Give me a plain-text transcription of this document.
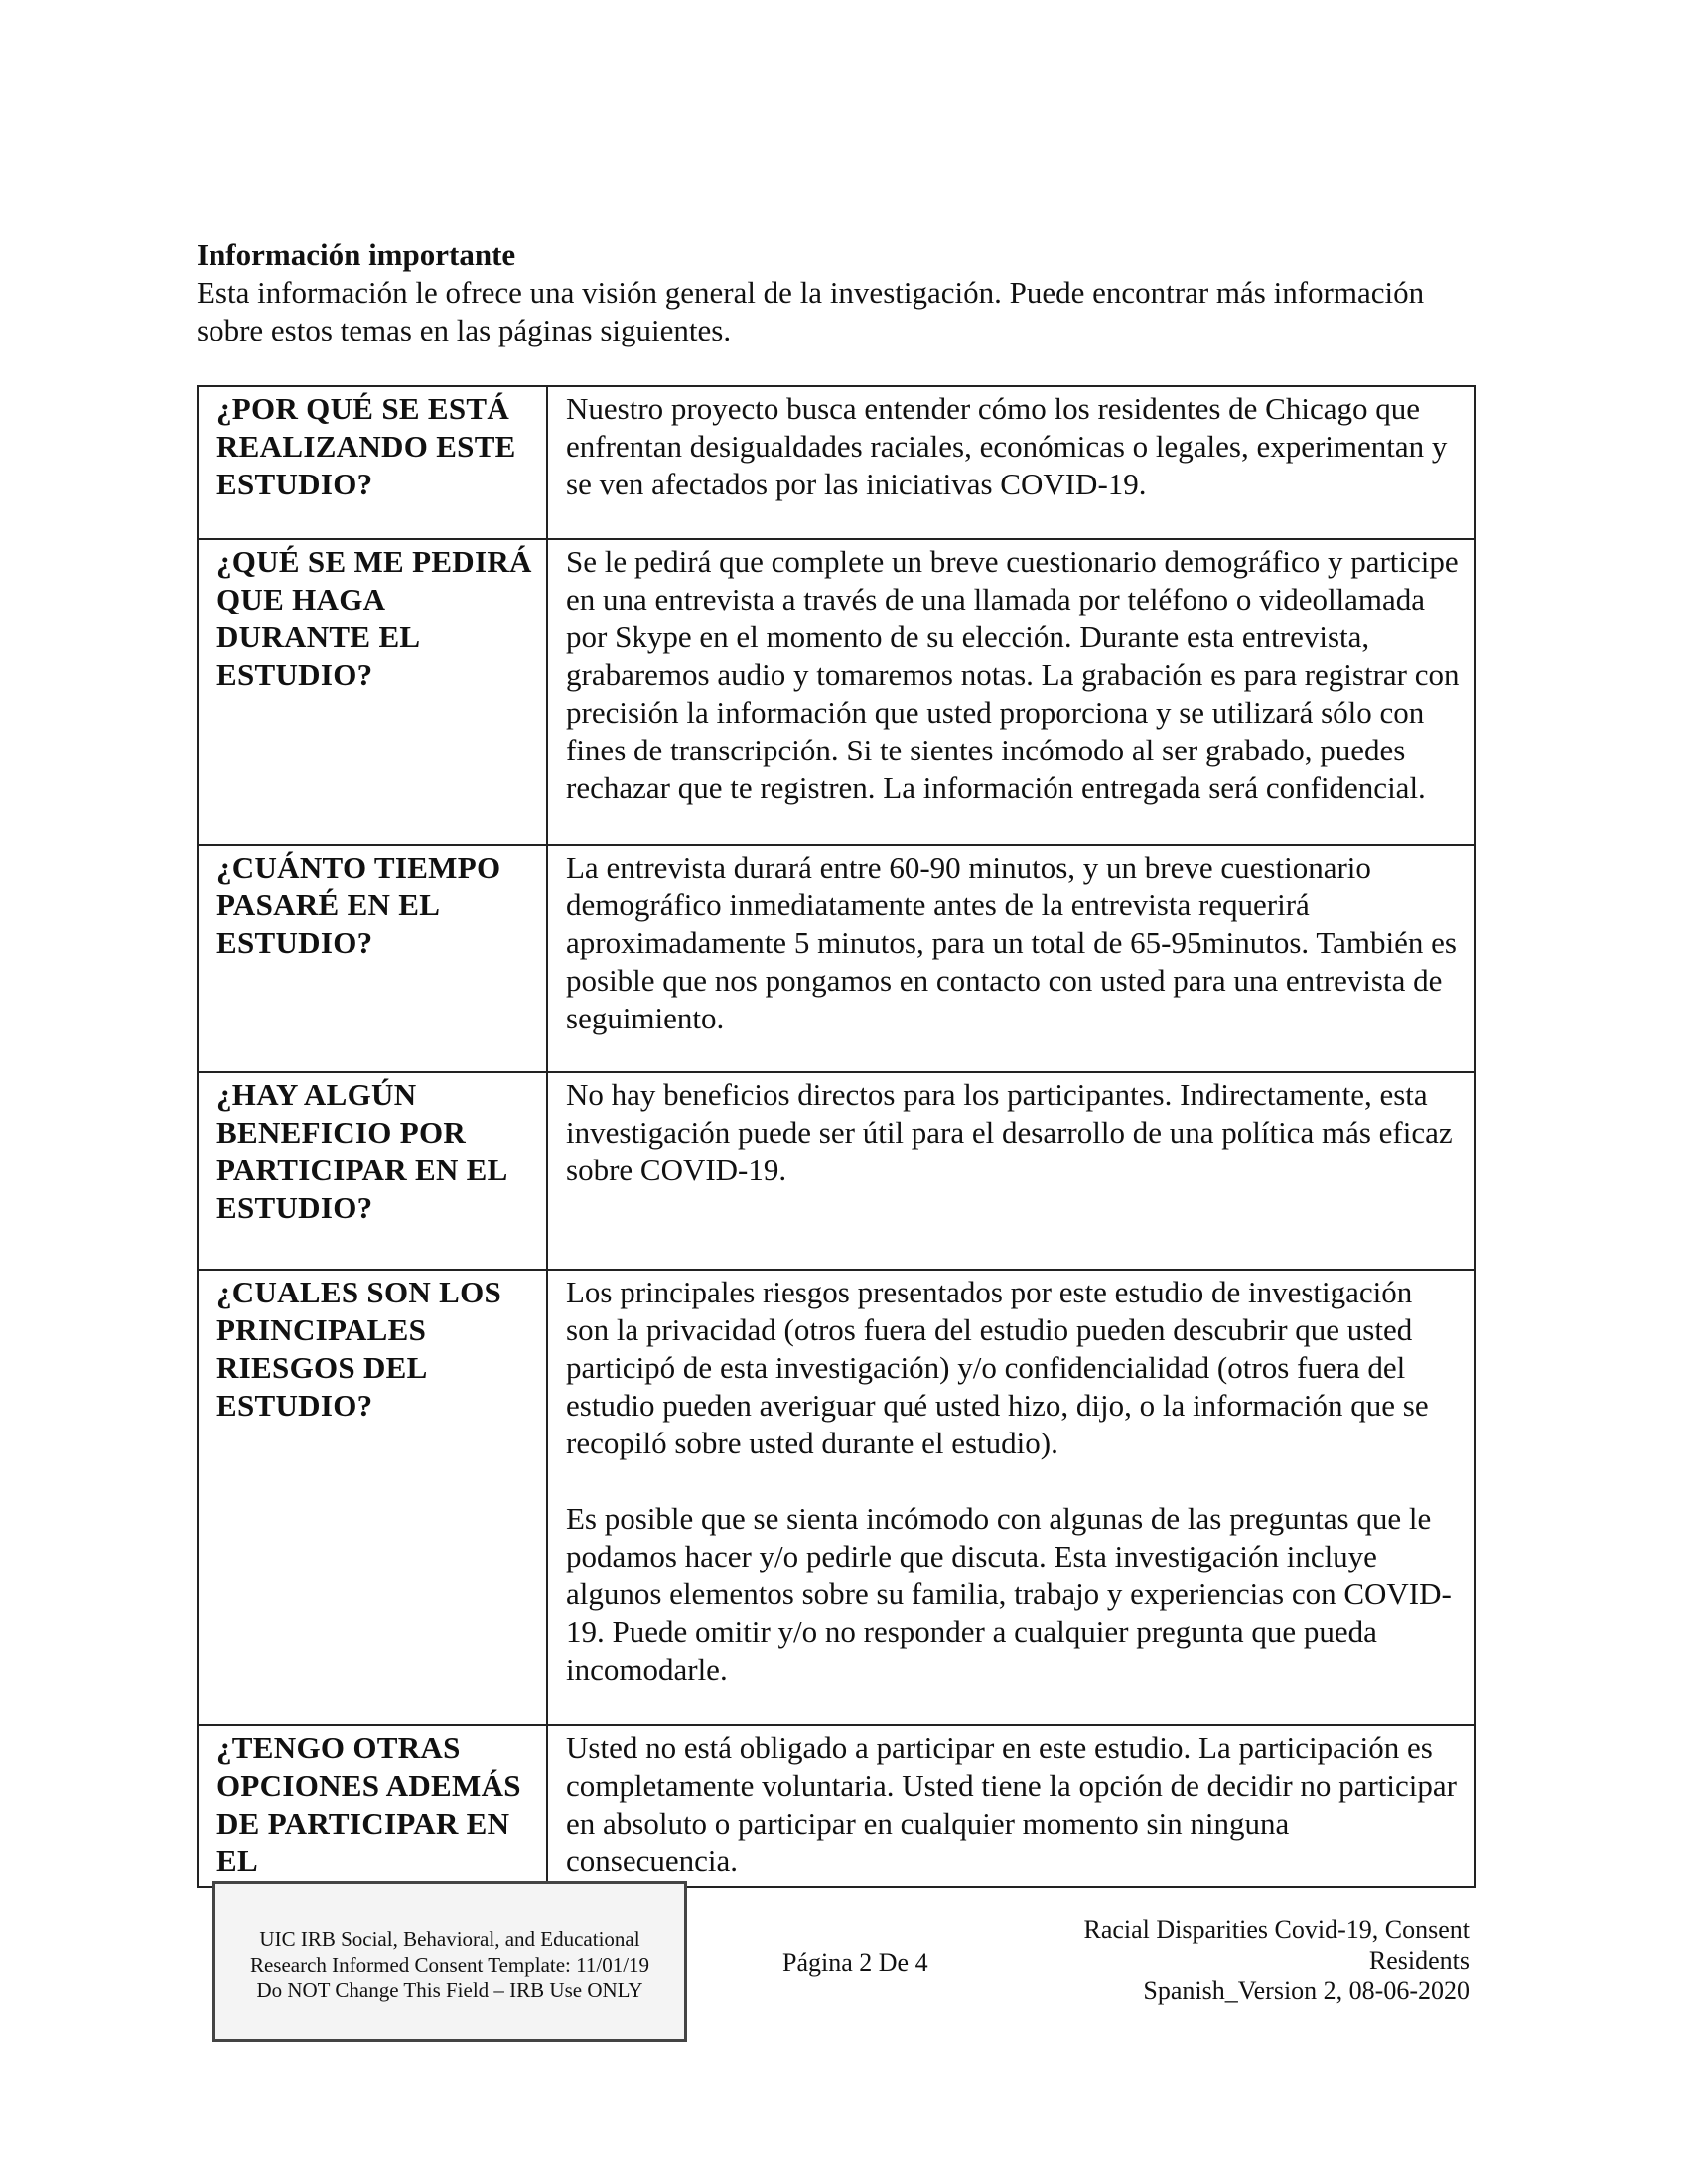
Información importante
Esta información le ofrece una visión general de la investigación. Puede encontrar más información sobre estos temas en las páginas siguientes.
¿POR QUÉ SE ESTÁ REALIZANDO ESTE ESTUDIO?	Nuestro proyecto busca entender cómo los residentes de Chicago que enfrentan desigualdades raciales, económicas o legales, experimentan y se ven afectados por las iniciativas COVID-19.

¿QUÉ SE ME PEDIRÁ QUE HAGA DURANTE EL ESTUDIO?	Se le pedirá que complete un breve cuestionario demográfico y participe en una entrevista a través de una llamada por teléfono o videollamada por Skype en el momento de su elección. Durante esta entrevista, grabaremos audio y tomaremos notas. La grabación es para registrar con precisión la información que usted proporciona y se utilizará sólo con fines de transcripción. Si te sientes incómodo al ser grabado, puedes rechazar que te registren. La información entregada será confidencial.

¿CUÁNTO TIEMPO PASARÉ EN EL ESTUDIO?	La entrevista durará entre 60-90 minutos, y un breve cuestionario demográfico inmediatamente antes de la entrevista requerirá aproximadamente 5 minutos, para un total de 65-95minutos. También es posible que nos pongamos en contacto con usted para una entrevista de seguimiento.

¿HAY ALGÚN BENEFICIO POR PARTICIPAR EN EL ESTUDIO?	No hay beneficios directos para los participantes. Indirectamente, esta investigación puede ser útil para el desarrollo de una política más eficaz sobre COVID-19.

¿CUALES SON LOS PRINCIPALES RIESGOS DEL ESTUDIO?	Los principales riesgos presentados por este estudio de investigación son la privacidad (otros fuera del estudio pueden descubrir que usted participó de esta investigación) y/o confidencialidad (otros fuera del estudio pueden averiguar qué usted hizo, dijo, o la información que se recopiló sobre usted durante el estudio).

Es posible que se sienta incómodo con algunas de las preguntas que le podamos hacer y/o pedirle que discuta. Esta investigación incluye algunos elementos sobre su familia, trabajo y experiencias con COVID-19. Puede omitir y/o no responder a cualquier pregunta que pueda incomodarle.

¿TENGO OTRAS OPCIONES ADEMÁS DE PARTICIPAR EN EL	Usted no está obligado a participar en este estudio. La participación es completamente voluntaria. Usted tiene la opción de decidir no participar en absoluto o participar en cualquier momento sin ninguna consecuencia.

UIC IRB Social, Behavioral, and Educational
Research Informed Consent Template: 11/01/19
Do NOT Change This Field – IRB Use ONLY
Página 2 De 4
Racial Disparities Covid-19, Consent
Residents
Spanish_Version 2, 08-06-2020
